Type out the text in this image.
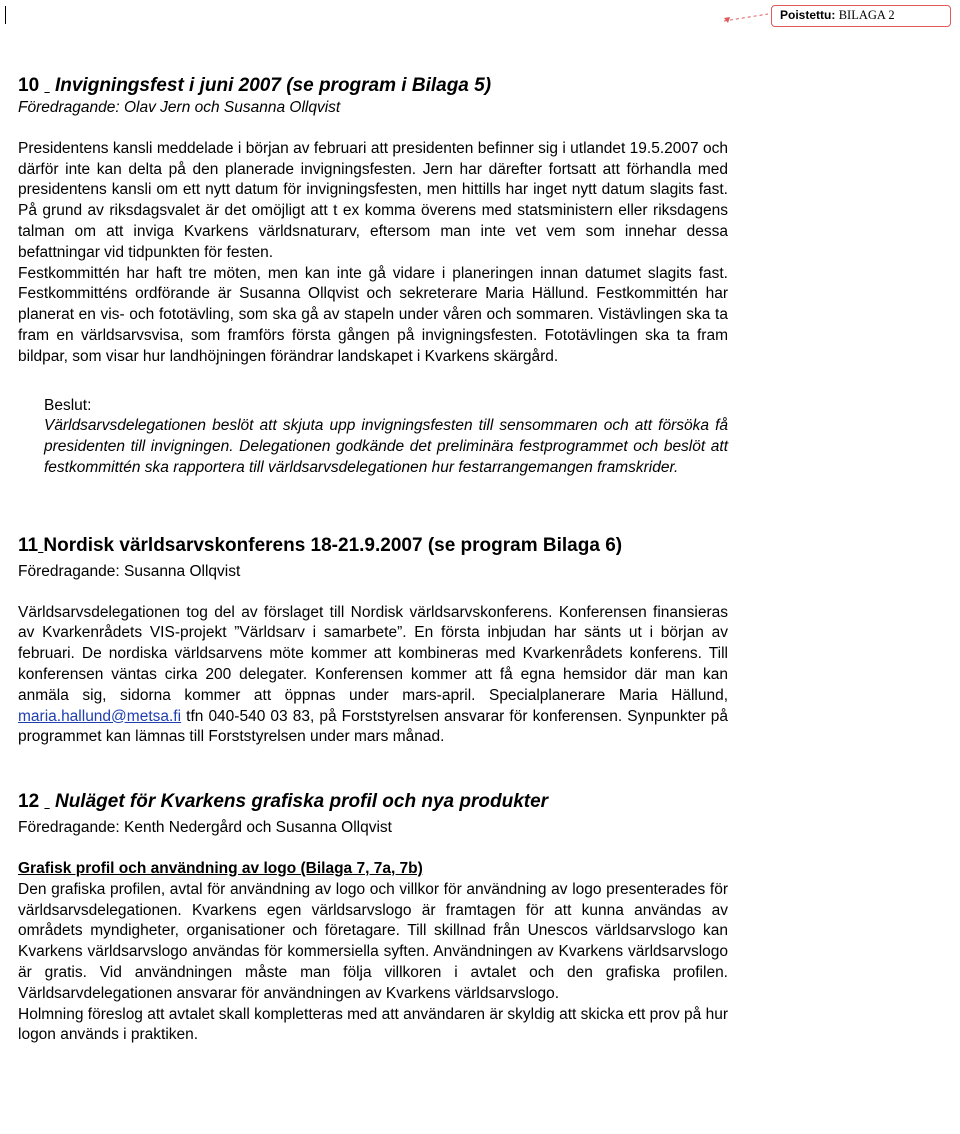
Poistettu: BILAGA 2

10 Invigningsfest i juni 2007 (se program i Bilaga 5)

Föredragande: Olav Jern och Susanna Ollqvist

Presidentens kansli meddelade i början av februari att presidenten befinner sig i utlandet 19.5.2007 och därför inte kan delta på den planerade invigningsfesten. Jern har därefter fortsatt att förhandla med presidentens kansli om ett nytt datum för invigningsfesten, men hittills har inget nytt datum slagits fast. På grund av riksdagsvalet är det omöjligt att t ex komma överens med statsministern eller riksdagens talman om att inviga Kvarkens världsnaturarv, eftersom man inte vet vem som innehar dessa befattningar vid tidpunkten för festen.

Festkommittén har haft tre möten, men kan inte gå vidare i planeringen innan datumet slagits fast. Festkommitténs ordförande är Susanna Ollqvist och sekreterare Maria Hällund. Festkommittén har planerat en vis- och fototävling, som ska gå av stapeln under våren och sommaren. Vistävlingen ska ta fram en världsarvsvisa, som framförs första gången på invigningsfesten. Fototävlingen ska ta fram bildpar, som visar hur landhöjningen förändrar landskapet i Kvarkens skärgård.

Beslut:

Världsarvsdelegationen beslöt att skjuta upp invigningsfesten till sensommaren och att försöka få presidenten till invigningen. Delegationen godkände det preliminära festprogrammet och beslöt att festkommittén ska rapportera till världsarvsdelegationen hur festarrangemangen framskrider.

11 Nordisk världsarvskonferens 18-21.9.2007 (se program Bilaga 6)

Föredragande: Susanna Ollqvist

Världsarvsdelegationen tog del av förslaget till Nordisk världsarvskonferens. Konferensen finansieras av Kvarkenrådets VIS-projekt ”Världsarv i samarbete”. En första inbjudan har sänts ut i början av februari. De nordiska världsarvens möte kommer att kombineras med Kvarkenrådets konferens. Till konferensen väntas cirka 200 delegater. Konferensen kommer att få egna hemsidor där man kan anmäla sig, sidorna kommer att öppnas under mars-april. Specialplanerare Maria Hällund, maria.hallund@metsa.fi tfn 040-540 03 83, på Forststyrelsen ansvarar för konferensen. Synpunkter på programmet kan lämnas till Forststyrelsen under mars månad.

12 Nuläget för Kvarkens grafiska profil och nya produkter

Föredragande: Kenth Nedergård och Susanna Ollqvist

Grafisk profil och användning av logo (Bilaga 7, 7a, 7b)

Den grafiska profilen, avtal för användning av logo och villkor för användning av logo presenterades för världsarvsdelegationen. Kvarkens egen världsarvslogo är framtagen för att kunna användas av områdets myndigheter, organisationer och företagare. Till skillnad från Unescos världsarvslogo kan Kvarkens världsarvslogo användas för kommersiella syften. Användningen av Kvarkens världsarvslogo är gratis. Vid användningen måste man följa villkoren i avtalet och den grafiska profilen. Världsarvdelegationen ansvarar för användningen av Kvarkens världsarvslogo.

Holmning föreslog att avtalet skall kompletteras med att användaren är skyldig att skicka ett prov på hur logon används i praktiken.
